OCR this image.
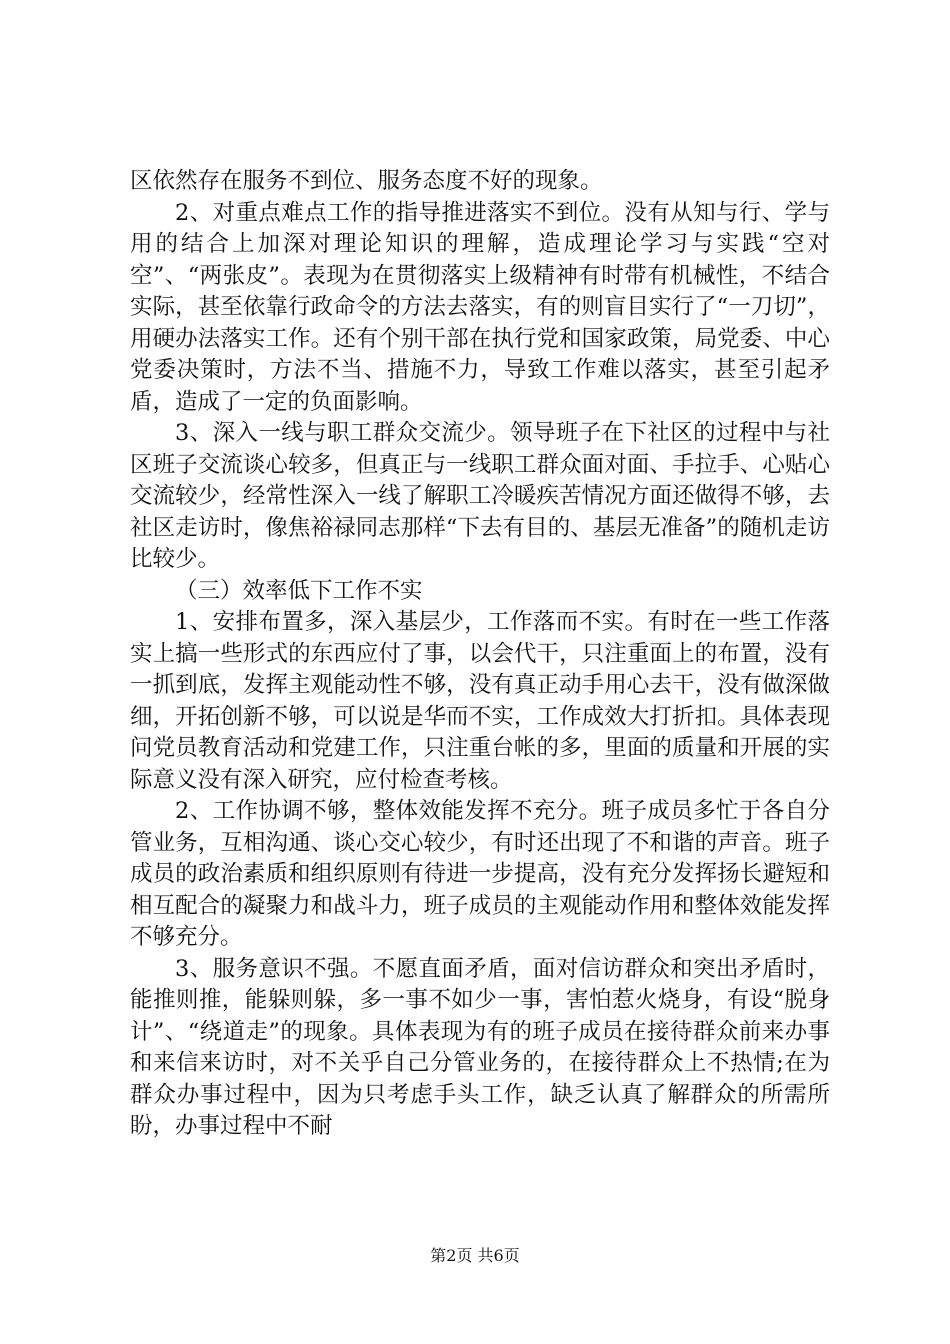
区依然存在服务不到位、服务态度不好的现象。

2、对重点难点工作的指导推进落实不到位。没有从知与行、学与用的结合上加深对理论知识的理解，造成理论学习与实践“空对空”、“两张皮”。表现为在贯彻落实上级精神有时带有机械性，不结合实际，甚至依靠行政命令的方法去落实，有的则盲目实行了“一刀切”，用硬办法落实工作。还有个别干部在执行党和国家政策，局党委、中心党委决策时，方法不当、措施不力，导致工作难以落实，甚至引起矛盾，造成了一定的负面影响。

3、深入一线与职工群众交流少。领导班子在下社区的过程中与社区班子交流谈心较多，但真正与一线职工群众面对面、手拉手、心贴心交流较少，经常性深入一线了解职工冷暖疾苦情况方面还做得不够，去社区走访时，像焦裕禄同志那样“下去有目的、基层无准备”的随机走访比较少。

（三）效率低下工作不实

1、安排布置多，深入基层少，工作落而不实。有时在一些工作落实上搞一些形式的东西应付了事，以会代干，只注重面上的布置，没有一抓到底，发挥主观能动性不够，没有真正动手用心去干，没有做深做细，开拓创新不够，可以说是华而不实，工作成效大打折扣。具体表现问党员教育活动和党建工作，只注重台帐的多，里面的质量和开展的实际意义没有深入研究，应付检查考核。

2、工作协调不够，整体效能发挥不充分。班子成员多忙于各自分管业务，互相沟通、谈心交心较少，有时还出现了不和谐的声音。班子成员的政治素质和组织原则有待进一步提高，没有充分发挥扬长避短和相互配合的凝聚力和战斗力，班子成员的主观能动作用和整体效能发挥不够充分。

3、服务意识不强。不愿直面矛盾，面对信访群众和突出矛盾时，能推则推，能躲则躲，多一事不如少一事，害怕惹火烧身，有设“脱身计”、“绕道走”的现象。具体表现为有的班子成员在接待群众前来办事和来信来访时，对不关乎自己分管业务的，在接待群众上不热情;在为群众办事过程中，因为只考虑手头工作，缺乏认真了解群众的所需所盼，办事过程中不耐

第2页 共6页
